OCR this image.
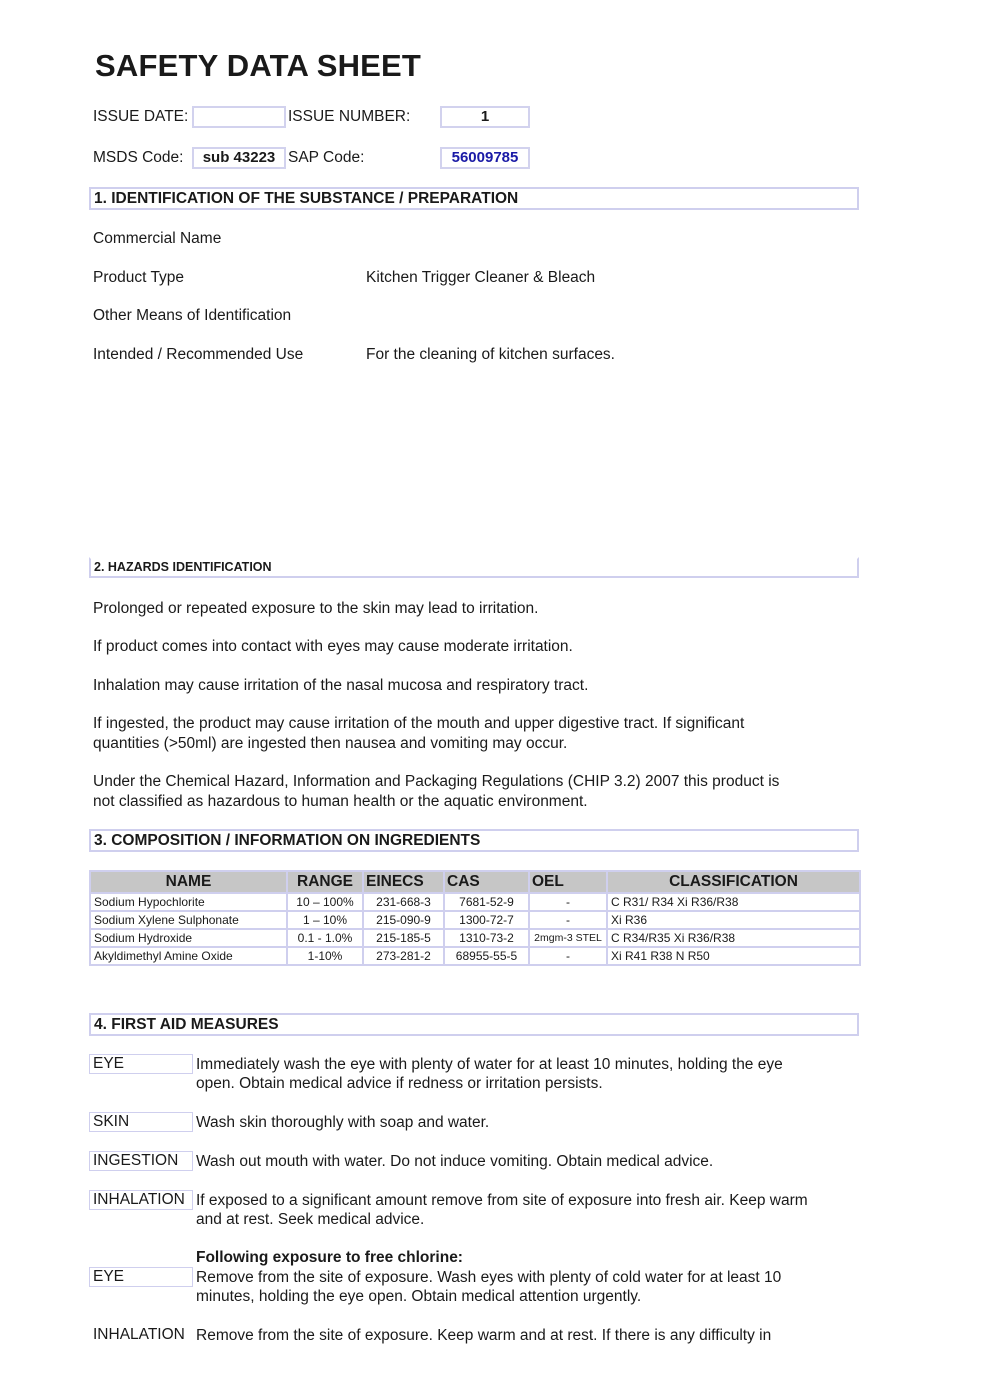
SAFETY DATA SHEET
ISSUE DATE:	ISSUE NUMBER:	1
MSDS Code:	sub 43223 SAP Code:	56009785
1. IDENTIFICATION OF THE SUBSTANCE / PREPARATION
Commercial Name
Product Type	Kitchen Trigger Cleaner & Bleach
Other Means of Identification
Intended / Recommended Use	For the cleaning of kitchen surfaces.
2. HAZARDS IDENTIFICATION
Prolonged or repeated exposure to the skin may lead to irritation.
If product comes into contact with eyes may cause moderate irritation.
Inhalation may cause irritation of the nasal mucosa and respiratory tract.
If ingested, the product may cause irritation of the mouth and upper digestive tract. If significant
quantities (>50ml) are ingested then nausea and vomiting may occur.
Under the Chemical Hazard, Information and Packaging Regulations (CHIP 3.2) 2007 this product is
not classified as hazardous to human health or the aquatic environment.
3. COMPOSITION / INFORMATION ON INGREDIENTS
NAME	RANGE	EINECS	CAS	OEL	CLASSIFICATION
Sodium Hypochlorite	10 – 100%	231-668-3	7681-52-9	-	C R31/ R34 Xi R36/R38
Sodium Xylene Sulphonate	1 – 10%	215-090-9	1300-72-7	-	Xi R36
Sodium Hydroxide	0.1 - 1.0%	215-185-5	1310-73-2	2mgm-3 STEL	C R34/R35 Xi R36/R38
Akyldimethyl Amine Oxide	1-10%	273-281-2	68955-55-5	-	Xi R41 R38 N R50
4. FIRST AID MEASURES
EYE	Immediately wash the eye with plenty of water for at least 10 minutes, holding the eye
open. Obtain medical advice if redness or irritation persists.
SKIN	Wash skin thoroughly with soap and water.
INGESTION	Wash out mouth with water. Do not induce vomiting. Obtain medical advice.
INHALATION If exposed to a significant amount remove from site of exposure into fresh air. Keep warm
and at rest. Seek medical advice.
Following exposure to free chlorine:
EYE	Remove from the site of exposure. Wash eyes with plenty of cold water for at least 10
minutes, holding the eye open. Obtain medical attention urgently.
INHALATION Remove from the site of exposure. Keep warm and at rest. If there is any difficulty in
